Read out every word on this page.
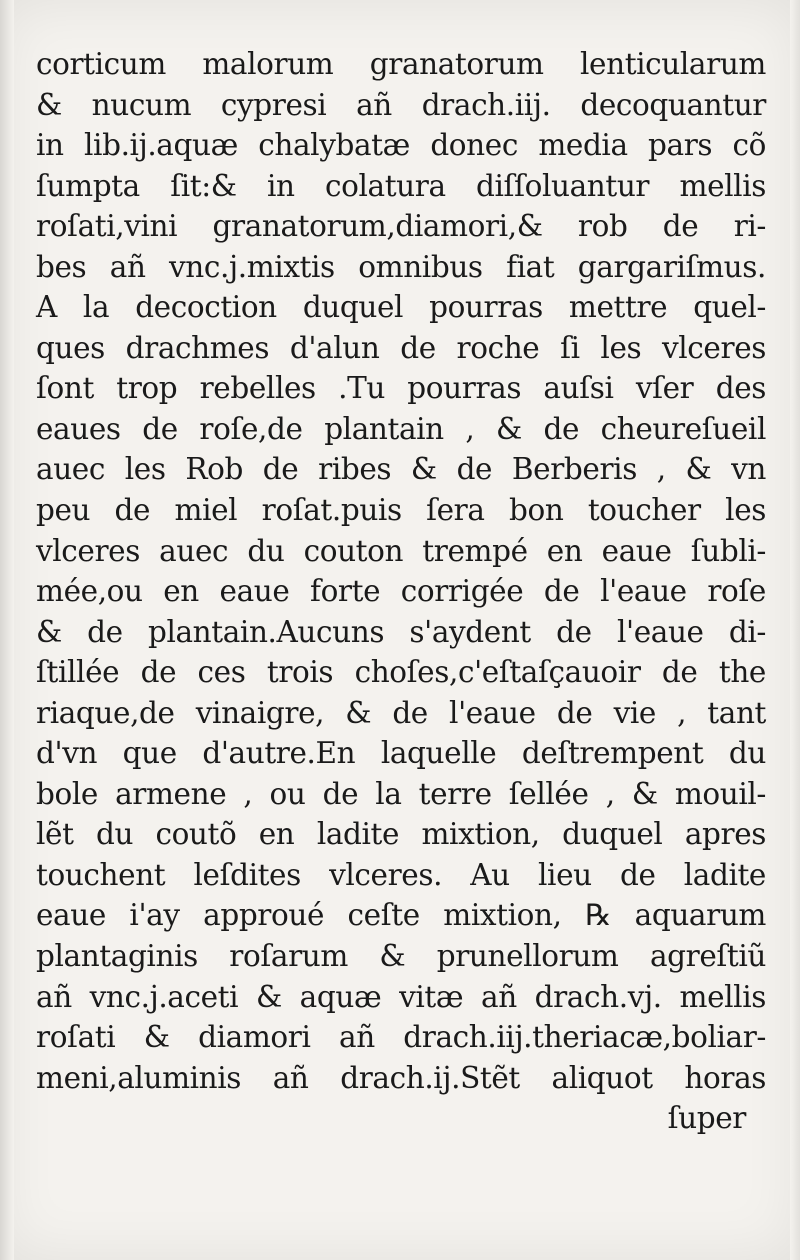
corticum malorum granatorum lenticularum
& nucum cypresi añ drach.iij. decoquantur
in lib.ij.aquæ chalybatæ donec media pars cõ
ſumpta ſit:& in colatura diſſoluantur mellis
roſati,vini granatorum,diamori,& rob de ri-
bes añ vnc.j.mixtis omnibus fiat gargariſmus.
A la decoction duquel pourras mettre quel-
ques drachmes d'alun de roche ſi les vlceres
ſont trop rebelles .Tu pourras auſsi vſer des
eaues de roſe,de plantain , & de cheureſueil
auec les Rob de ribes & de Berberis , & vn
peu de miel roſat.puis ſera bon toucher les
vlceres auec du couton trempé en eaue ſubli-
mée,ou en eaue forte corrigée de l'eaue roſe
& de plantain.Aucuns s'aydent de l'eaue di-
ſtillée de ces trois choſes,c'eſtaſçauoir de the
riaque,de vinaigre, & de l'eaue de vie , tant
d'vn que d'autre.En laquelle deſtrempent du
bole armene , ou de la terre ſellée , & mouil-
lẽt du coutõ en ladite mixtion, duquel apres
touchent leſdites vlceres. Au lieu de ladite
eaue i'ay approué ceſte mixtion, ℞ aquarum
plantaginis roſarum & prunellorum agreſtiũ
añ vnc.j.aceti & aquæ vitæ añ drach.vj. mellis
roſati & diamori añ drach.iij.theriacæ,boliar-
meni,aluminis añ drach.ij.Stẽt aliquot horas
ſuper
